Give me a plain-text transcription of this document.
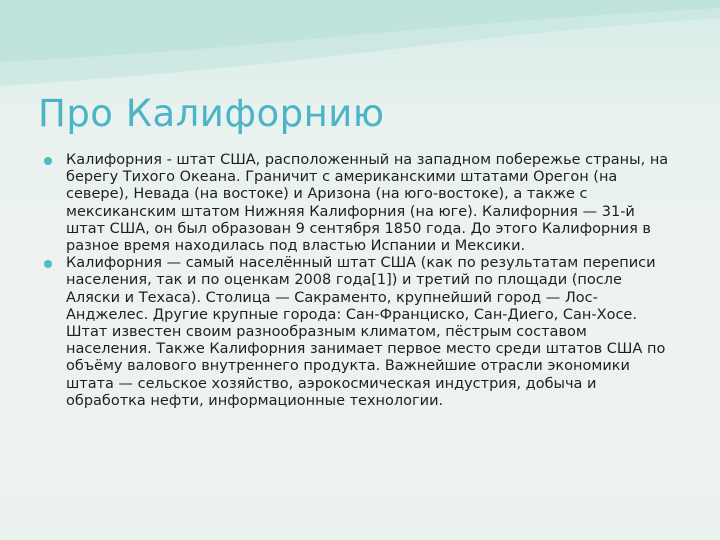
Про Калифорнию
Калифорния - штат США, расположенный на западном побережье страны, на берегу Тихого Океана. Граничит с американскими штатами Орегон (на севере), Невада (на востоке) и Аризона (на юго-востоке), а также с мексиканским штатом Нижняя Калифорния (на юге). Калифорния — 31-й штат США, он был образован 9 сентября 1850 года. До этого Калифорния в разное время находилась под властью Испании и Мексики.
Калифорния — самый населённый штат США (как по результатам переписи населения, так и по оценкам 2008 года[1]) и третий по площади (после Аляски и Техаса). Столица — Сакраменто, крупнейший город — Лос-Анджелес. Другие крупные города: Сан-Франциско, Сан-Диего, Сан-Хосе. Штат известен своим разнообразным климатом, пёстрым составом населения. Также Калифорния занимает первое место среди штатов США по объёму валового внутреннего продукта. Важнейшие отрасли экономики штата — сельское хозяйство, аэрокосмическая индустрия, добыча и обработка нефти, информационные технологии.
